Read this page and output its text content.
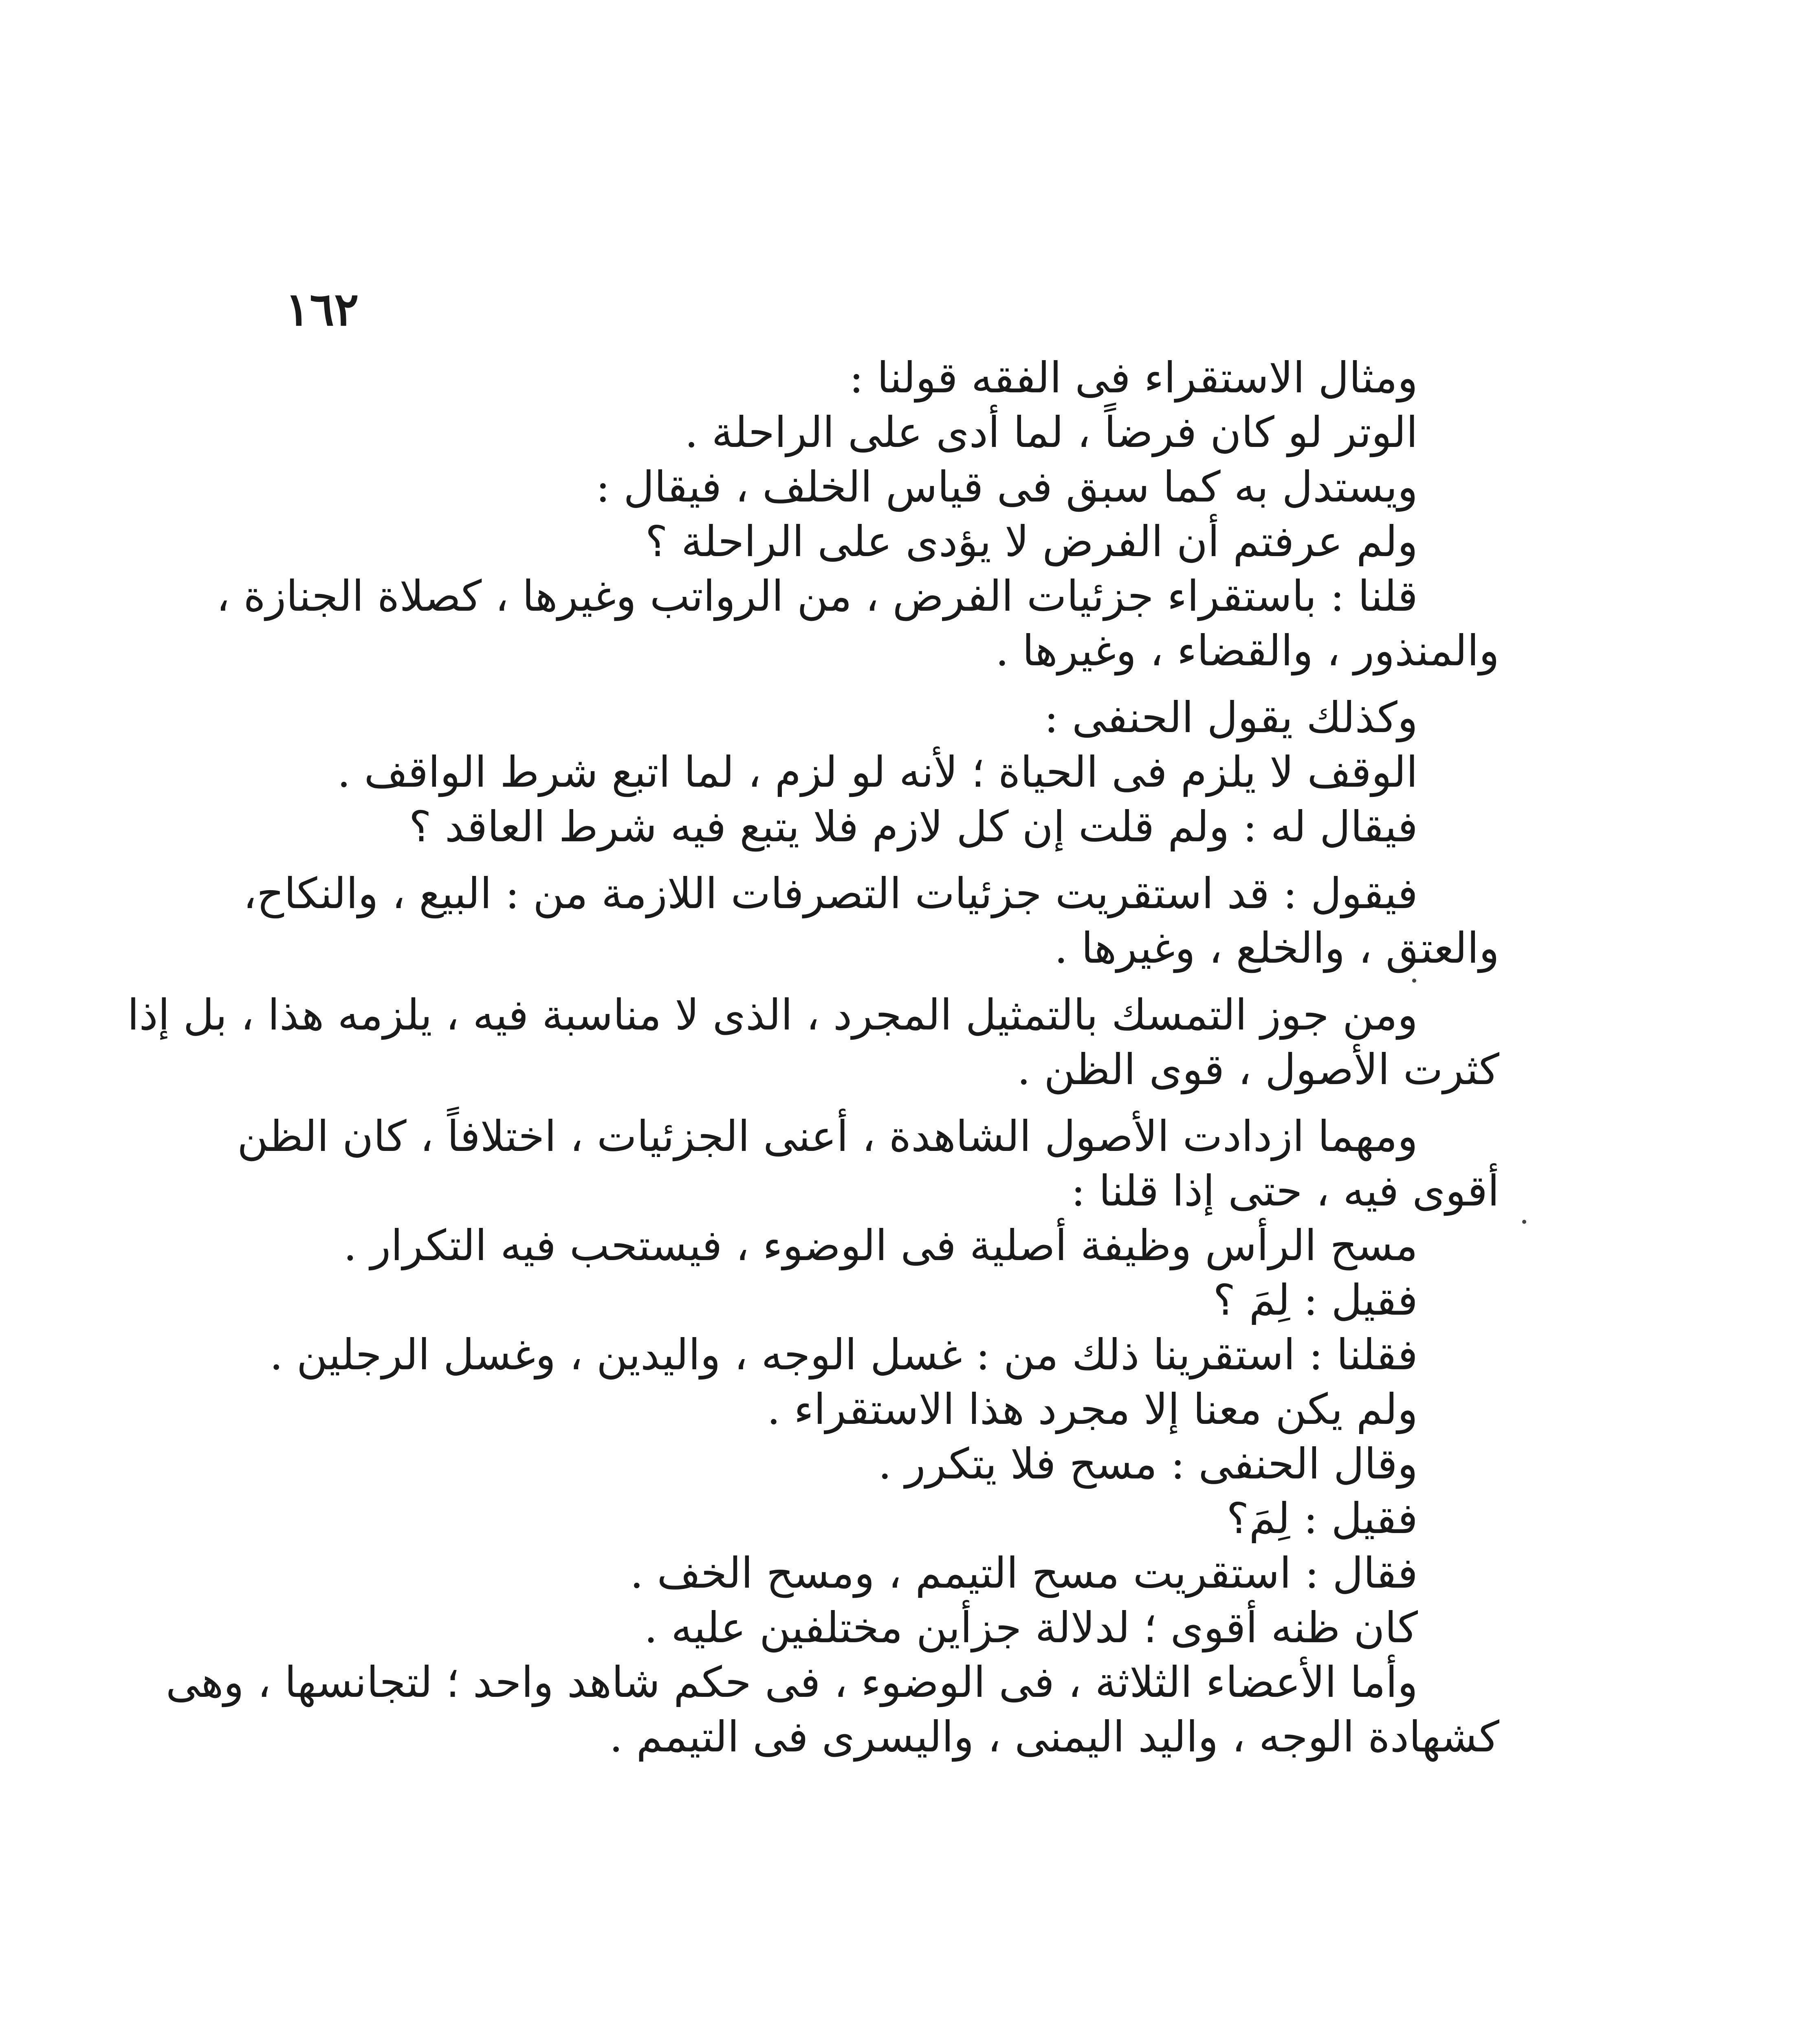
١٦٢
ومثال الاستقراء فى الفقه قولنا :
الوتر لو كان فرضاً ، لما أدى على الراحلة .
ويستدل به كما سبق فى قياس الخلف ، فيقال :
ولم عرفتم أن الفرض لا يؤدى على الراحلة ؟
قلنا : باستقراء جزئيات الفرض ، من الرواتب وغيرها ، كصلاة الجنازة ،
والمنذور ، والقضاء ، وغيرها .
وكذلك يقول الحنفى :
الوقف لا يلزم فى الحياة ؛ لأنه لو لزم ، لما اتبع شرط الواقف .
فيقال له : ولم قلت إن كل لازم فلا يتبع فيه شرط العاقد ؟
فيقول : قد استقريت جزئيات التصرفات اللازمة من : البيع ، والنكاح،
والعتق ، والخلع ، وغيرها .
ومن جوز التمسك بالتمثيل المجرد ، الذى لا مناسبة فيه ، يلزمه هذا ، بل إذا
كثرت الأصول ، قوى الظن .
ومهما ازدادت الأصول الشاهدة ، أعنى الجزئيات ، اختلافاً ، كان الظن
أقوى فيه ، حتى إذا قلنا :
مسح الرأس وظيفة أصلية فى الوضوء ، فيستحب فيه التكرار .
فقيل : لِمَ ؟
فقلنا : استقرينا ذلك من : غسل الوجه ، واليدين ، وغسل الرجلين .
ولم يكن معنا إلا مجرد هذا الاستقراء .
وقال الحنفى : مسح فلا يتكرر .
فقيل : لِمَ؟
فقال : استقريت مسح التيمم ، ومسح الخف .
كان ظنه أقوى ؛ لدلالة جزأين مختلفين عليه .
وأما الأعضاء الثلاثة ، فى الوضوء ، فى حكم شاهد واحد ؛ لتجانسها ، وهى
كشهادة الوجه ، واليد اليمنى ، واليسرى فى التيمم .
